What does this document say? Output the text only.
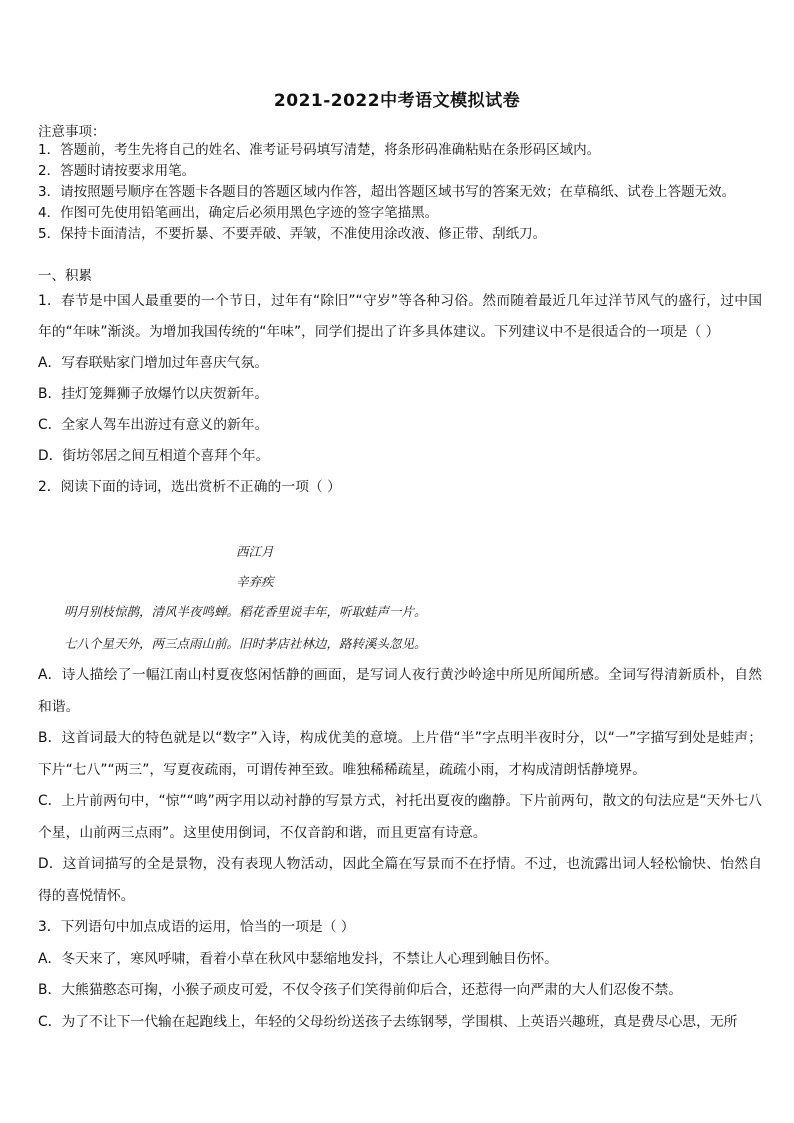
2021-2022中考语文模拟试卷
注意事项：
1．答题前，考生先将自己的姓名、准考证号码填写清楚，将条形码准确粘贴在条形码区域内。
2．答题时请按要求用笔。
3．请按照题号顺序在答题卡各题目的答题区域内作答，超出答题区域书写的答案无效；在草稿纸、试卷上答题无效。
4．作图可先使用铅笔画出，确定后必须用黑色字迹的签字笔描黑。
5．保持卡面清洁，不要折暴、不要弄破、弄皱，不准使用涂改液、修正带、刮纸刀。
一、积累

1．春节是中国人最重要的一个节日，过年有“除旧”“守岁”等各种习俗。然而随着最近几年过洋节风气的盛行，过中国年的“年味”渐淡。为增加我国传统的“年味”，同学们提出了许多具体建议。下列建议中不是很适合的一项是（ ）

A．写春联贴家门增加过年喜庆气氛。

B．挂灯笼舞狮子放爆竹以庆贺新年。

C．全家人驾车出游过有意义的新年。

D．街坊邻居之间互相道个喜拜个年。

2．阅读下面的诗词，选出赏析不正确的一项（ ）

西江月
辛弃疾
明月别枝惊鹊，清风半夜鸣蝉。稻花香里说丰年，听取蛙声一片。
七八个星天外，两三点雨山前。旧时茅店社林边，路转溪头忽见。

A．诗人描绘了一幅江南山村夏夜悠闲恬静的画面，是写词人夜行黄沙岭途中所见所闻所感。全词写得清新质朴，自然和谐。

B．这首词最大的特色就是以“数字”入诗，构成优美的意境。上片借“半”字点明半夜时分，以“一”字描写到处是蛙声；下片“七八”“两三”，写夏夜疏雨，可谓传神至致。唯独稀稀疏星，疏疏小雨，才构成清朗恬静境界。

C．上片前两句中，“惊”“鸣”两字用以动衬静的写景方式，衬托出夏夜的幽静。下片前两句，散文的句法应是“天外七八个星，山前两三点雨”。这里使用倒词，不仅音韵和谐，而且更富有诗意。

D．这首词描写的全是景物，没有表现人物活动，因此全篇在写景而不在抒情。不过，也流露出词人轻松愉快、怡然自得的喜悦情怀。

3．下列语句中加点成语的运用，恰当的一项是（ ）

A．冬天来了，寒风呼啸，看着小草在秋风中瑟缩地发抖，不禁让人心理到触目伤怀。

B．大熊猫憨态可掬，小猴子顽皮可爱，不仅令孩子们笑得前仰后合，还惹得一向严肃的大人们忍俊不禁。

C．为了不让下一代输在起跑线上，年轻的父母纷纷送孩子去练钢琴，学围棋、上英语兴趣班，真是费尽心思，无所
